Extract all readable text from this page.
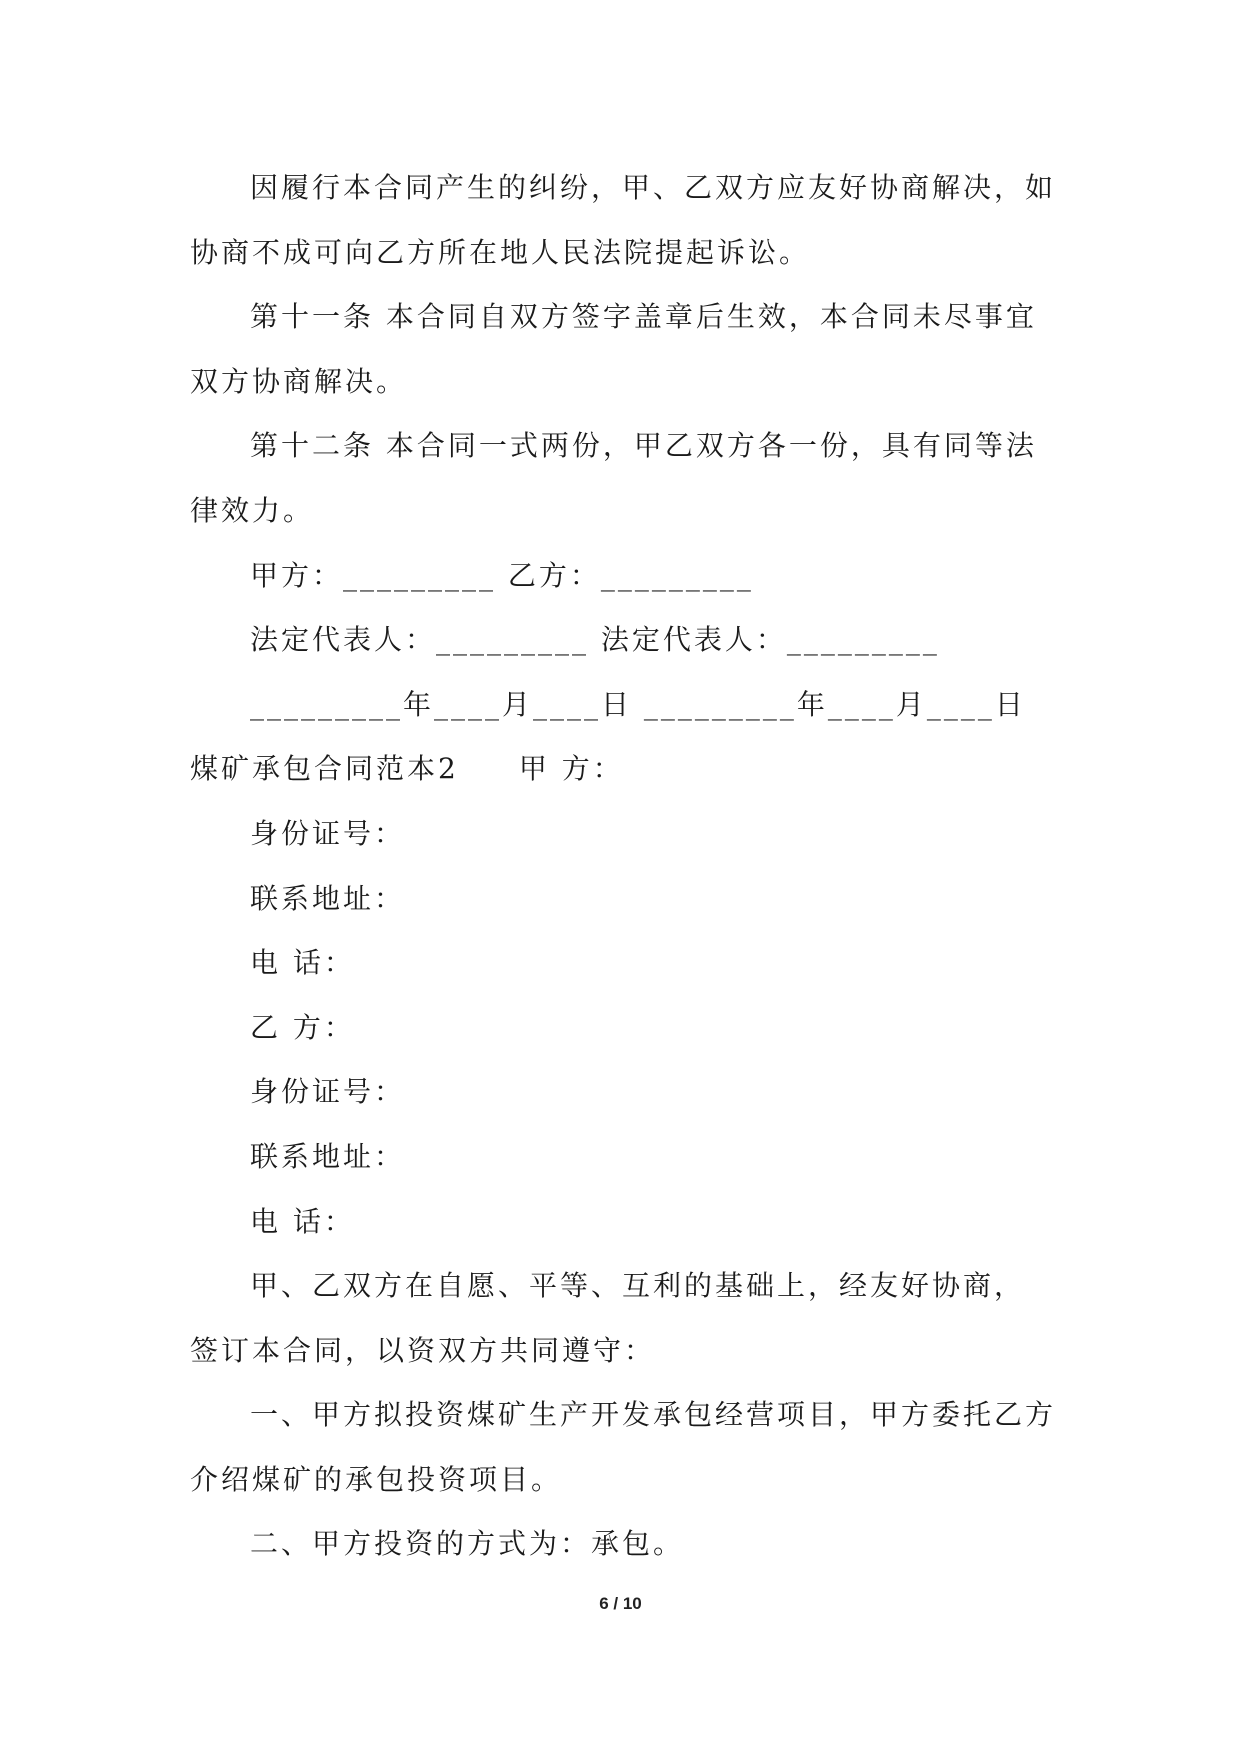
因履行本合同产生的纠纷，甲、乙双方应友好协商解决，如
协商不成可向乙方所在地人民法院提起诉讼。
第十一条 本合同自双方签字盖章后生效，本合同未尽事宜
双方协商解决。
第十二条 本合同一式两份，甲乙双方各一份，具有同等法
律效力。
甲方：_________ 乙方：_________
法定代表人：_________ 法定代表人：_________
_________年____月____日 _________年____月____日
煤矿承包合同范本2 甲 方：
身份证号：
联系地址：
电 话：
乙 方：
身份证号：
联系地址：
电 话：
甲、乙双方在自愿、平等、互利的基础上，经友好协商，
签订本合同，以资双方共同遵守：
一、甲方拟投资煤矿生产开发承包经营项目，甲方委托乙方
介绍煤矿的承包投资项目。
二、甲方投资的方式为：承包。
6 / 10
